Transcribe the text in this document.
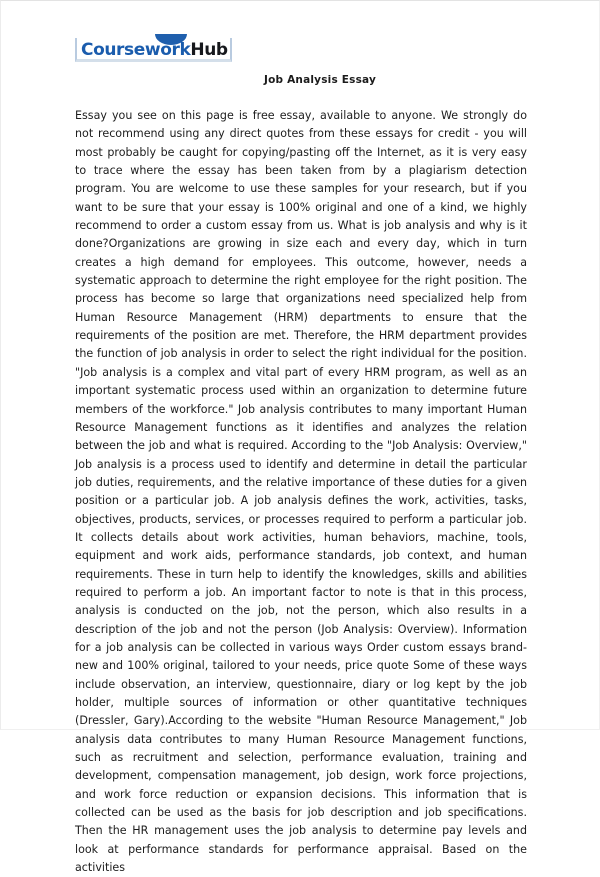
CourseworkHub
Job Analysis Essay

Essay you see on this page is free essay, available to anyone. We strongly do not recommend using any direct quotes from these essays for credit - you will most probably be caught for copying/pasting off the Internet, as it is very easy to trace where the essay has been taken from by a plagiarism detection program. You are welcome to use these samples for your research, but if you want to be sure that your essay is 100% original and one of a kind, we highly recommend to order a custom essay from us. What is job analysis and why is it done?Organizations are growing in size each and every day, which in turn creates a high demand for employees. This outcome, however, needs a systematic approach to determine the right employee for the right position. The process has become so large that organizations need specialized help from Human Resource Management (HRM) departments to ensure that the requirements of the position are met. Therefore, the HRM department provides the function of job analysis in order to select the right individual for the position. "Job analysis is a complex and vital part of every HRM program, as well as an important systematic process used within an organization to determine future members of the workforce." Job analysis contributes to many important Human Resource Management functions as it identifies and analyzes the relation between the job and what is required. According to the "Job Analysis: Overview," Job analysis is a process used to identify and determine in detail the particular job duties, requirements, and the relative importance of these duties for a given position or a particular job. A job analysis defines the work, activities, tasks, objectives, products, services, or processes required to perform a particular job. It collects details about work activities, human behaviors, machine, tools, equipment and work aids, performance standards, job context, and human requirements. These in turn help to identify the knowledges, skills and abilities required to perform a job. An important factor to note is that in this process, analysis is conducted on the job, not the person, which also results in a description of the job and not the person (Job Analysis: Overview). Information for a job analysis can be collected in various ways Order custom essays brand-new and 100% original, tailored to your needs, price quote Some of these ways include observation, an interview, questionnaire, diary or log kept by the job holder, multiple sources of information or other quantitative techniques (Dressler, Gary).According to the website "Human Resource Management," Job analysis data contributes to many Human Resource Management functions, such as recruitment and selection, performance evaluation, training and development, compensation management, job design, work force projections, and work force reduction or expansion decisions. This information that is collected can be used as the basis for job description and job specifications. Then the HR management uses the job analysis to determine pay levels and look at performance standards for performance appraisal. Based on the activities
